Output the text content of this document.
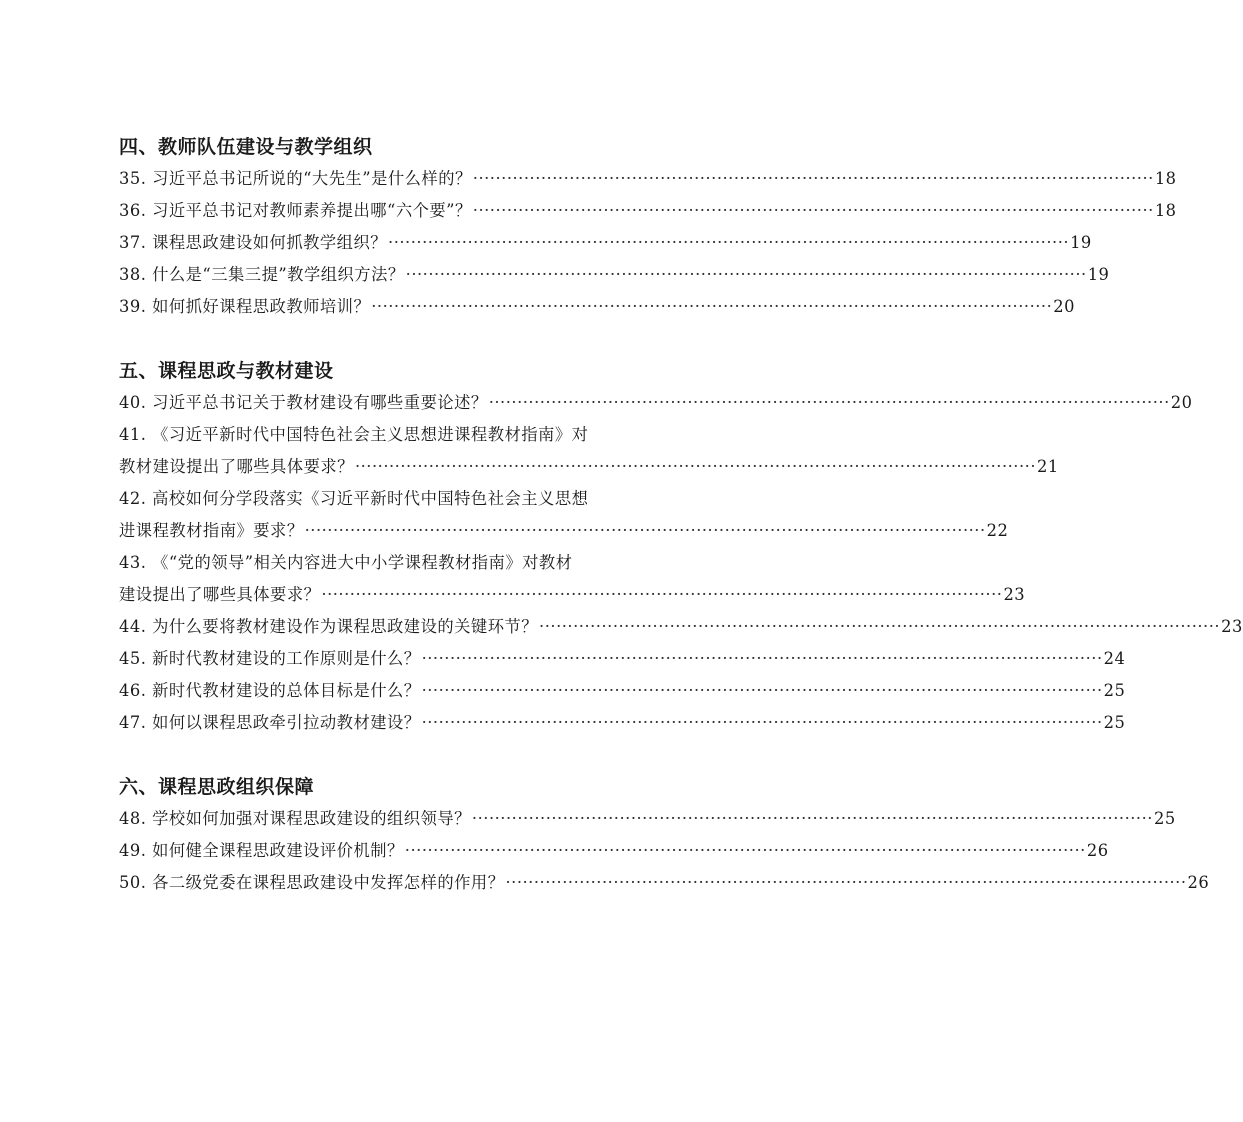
四、教师队伍建设与教学组织
35. 习近平总书记所说的“大先生”是什么样的？ ························································································································ 18
36. 习近平总书记对教师素养提出哪“六个要”？ ························································································································ 18
37. 课程思政建设如何抓教学组织？ ························································································································ 19
38. 什么是“三集三提”教学组织方法？ ························································································································ 19
39. 如何抓好课程思政教师培训？ ························································································································ 20
五、课程思政与教材建设
40. 习近平总书记关于教材建设有哪些重要论述？ ························································································································ 20
41. 《习近平新时代中国特色社会主义思想进课程教材指南》对
教材建设提出了哪些具体要求？ ························································································································ 21
42. 高校如何分学段落实《习近平新时代中国特色社会主义思想
进课程教材指南》要求？ ························································································································ 22
43. 《“党的领导”相关内容进大中小学课程教材指南》对教材
建设提出了哪些具体要求？ ························································································································ 23
44. 为什么要将教材建设作为课程思政建设的关键环节？ ························································································································ 23
45. 新时代教材建设的工作原则是什么？ ························································································································ 24
46. 新时代教材建设的总体目标是什么？ ························································································································ 25
47. 如何以课程思政牵引拉动教材建设？ ························································································································ 25
六、课程思政组织保障
48. 学校如何加强对课程思政建设的组织领导？ ························································································································ 25
49. 如何健全课程思政建设评价机制？ ························································································································ 26
50. 各二级党委在课程思政建设中发挥怎样的作用？ ························································································································ 26
